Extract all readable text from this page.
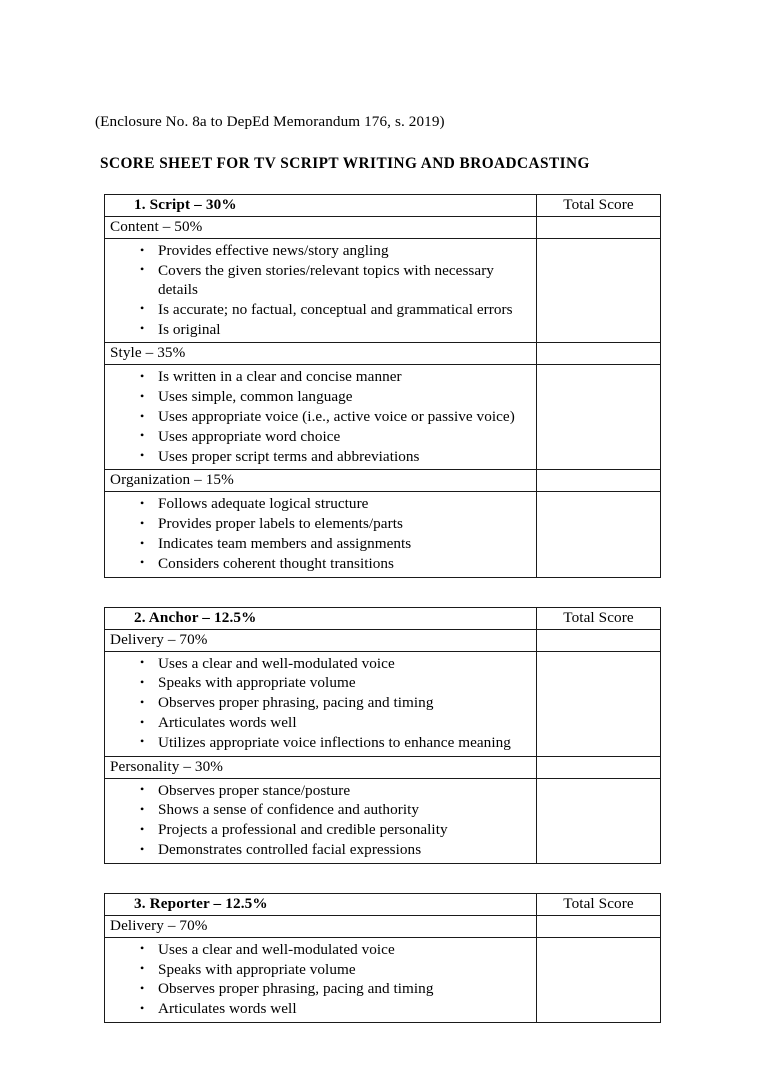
(Enclosure No. 8a to DepEd Memorandum 176, s. 2019)
SCORE SHEET FOR TV SCRIPT WRITING AND BROADCASTING
1. Script – 30%	Total Score
Content – 50%	

• Provides effective news/story angling
• Covers the given stories/relevant topics with necessary details
• Is accurate; no factual, conceptual and grammatical errors
• Is original

Style – 35%	

• Is written in a clear and concise manner
• Uses simple, common language
• Uses appropriate voice (i.e., active voice or passive voice)
• Uses appropriate word choice
• Uses proper script terms and abbreviations

Organization – 15%	

• Follows adequate logical structure
• Provides proper labels to elements/parts
• Indicates team members and assignments
• Considers coherent thought transitions

2. Anchor – 12.5%	Total Score
Delivery – 70%	

• Uses a clear and well-modulated voice
• Speaks with appropriate volume
• Observes proper phrasing, pacing and timing
• Articulates words well
• Utilizes appropriate voice inflections to enhance meaning

Personality – 30%	

• Observes proper stance/posture
• Shows a sense of confidence and authority
• Projects a professional and credible personality
• Demonstrates controlled facial expressions

3. Reporter – 12.5%	Total Score
Delivery – 70%	

• Uses a clear and well-modulated voice
• Speaks with appropriate volume
• Observes proper phrasing, pacing and timing
• Articulates words well
